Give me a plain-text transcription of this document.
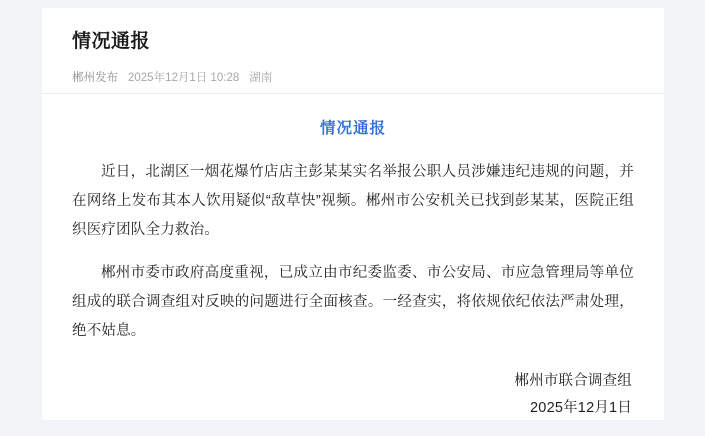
情况通报
郴州发布 2025年12月1日 10:28 湖南
情况通报

近日，北湖区一烟花爆竹店店主彭某某实名举报公职人员涉嫌违纪违规的问题，并在网络上发布其本人饮用疑似“敌草快”视频。郴州市公安机关已找到彭某某，医院正组织医疗团队全力救治。

郴州市委市政府高度重视，已成立由市纪委监委、市公安局、市应急管理局等单位组成的联合调查组对反映的问题进行全面核查。一经查实，将依规依纪依法严肃处理，绝不姑息。

郴州市联合调查组
2025年12月1日
